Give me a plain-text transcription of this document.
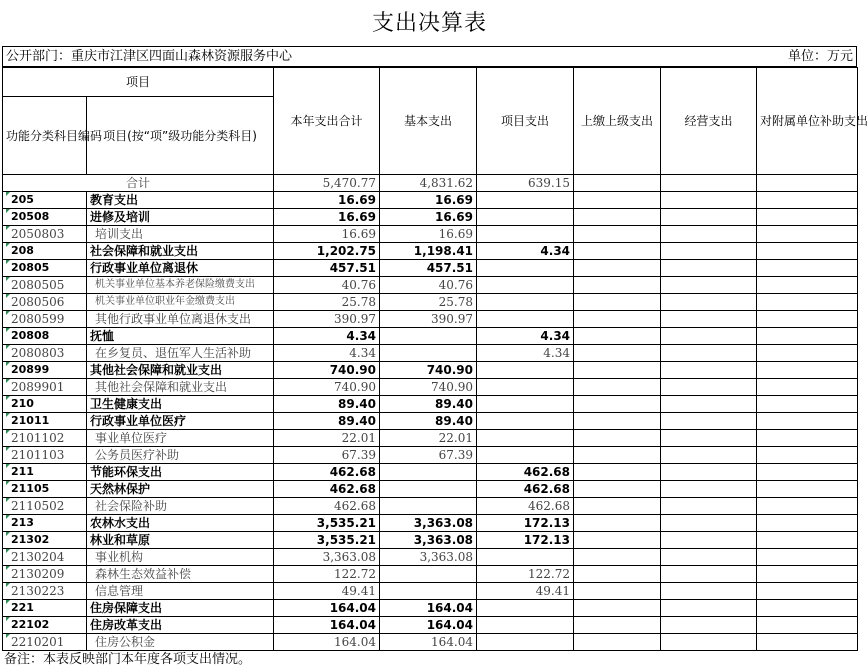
支出决算表
公开部门：重庆市江津区四面山森林资源服务中心	单位：万元
项目		本年支出合计	基本支出	项目支出	上缴上级支出	经营支出	对附属单位补助支出
功能分类科目编码	项目(按“项”级功能分类科目)						
合计		5,470.77	4,831.62	639.15			
205	教育支出	16.69	16.69				
20508	进修及培训	16.69	16.69				
2050803	培训支出	16.69	16.69				
208	社会保障和就业支出	1,202.75	1,198.41	4.34			
20805	行政事业单位离退休	457.51	457.51				
2080505	机关事业单位基本养老保险缴费支出	40.76	40.76				
2080506	机关事业单位职业年金缴费支出	25.78	25.78				
2080599	其他行政事业单位离退休支出	390.97	390.97				
20808	抚恤	4.34		4.34			
2080803	在乡复员、退伍军人生活补助	4.34		4.34			
20899	其他社会保障和就业支出	740.90	740.90				
2089901	其他社会保障和就业支出	740.90	740.90				
210	卫生健康支出	89.40	89.40				
21011	行政事业单位医疗	89.40	89.40				
2101102	事业单位医疗	22.01	22.01				
2101103	公务员医疗补助	67.39	67.39				
211	节能环保支出	462.68		462.68			
21105	天然林保护	462.68		462.68			
2110502	社会保险补助	462.68		462.68			
213	农林水支出	3,535.21	3,363.08	172.13			
21302	林业和草原	3,535.21	3,363.08	172.13			
2130204	事业机构	3,363.08	3,363.08				
2130209	森林生态效益补偿	122.72		122.72			
2130223	信息管理	49.41		49.41			
221	住房保障支出	164.04	164.04				
22102	住房改革支出	164.04	164.04				
2210201	住房公积金	164.04	164.04				
备注：本表反映部门本年度各项支出情况。
